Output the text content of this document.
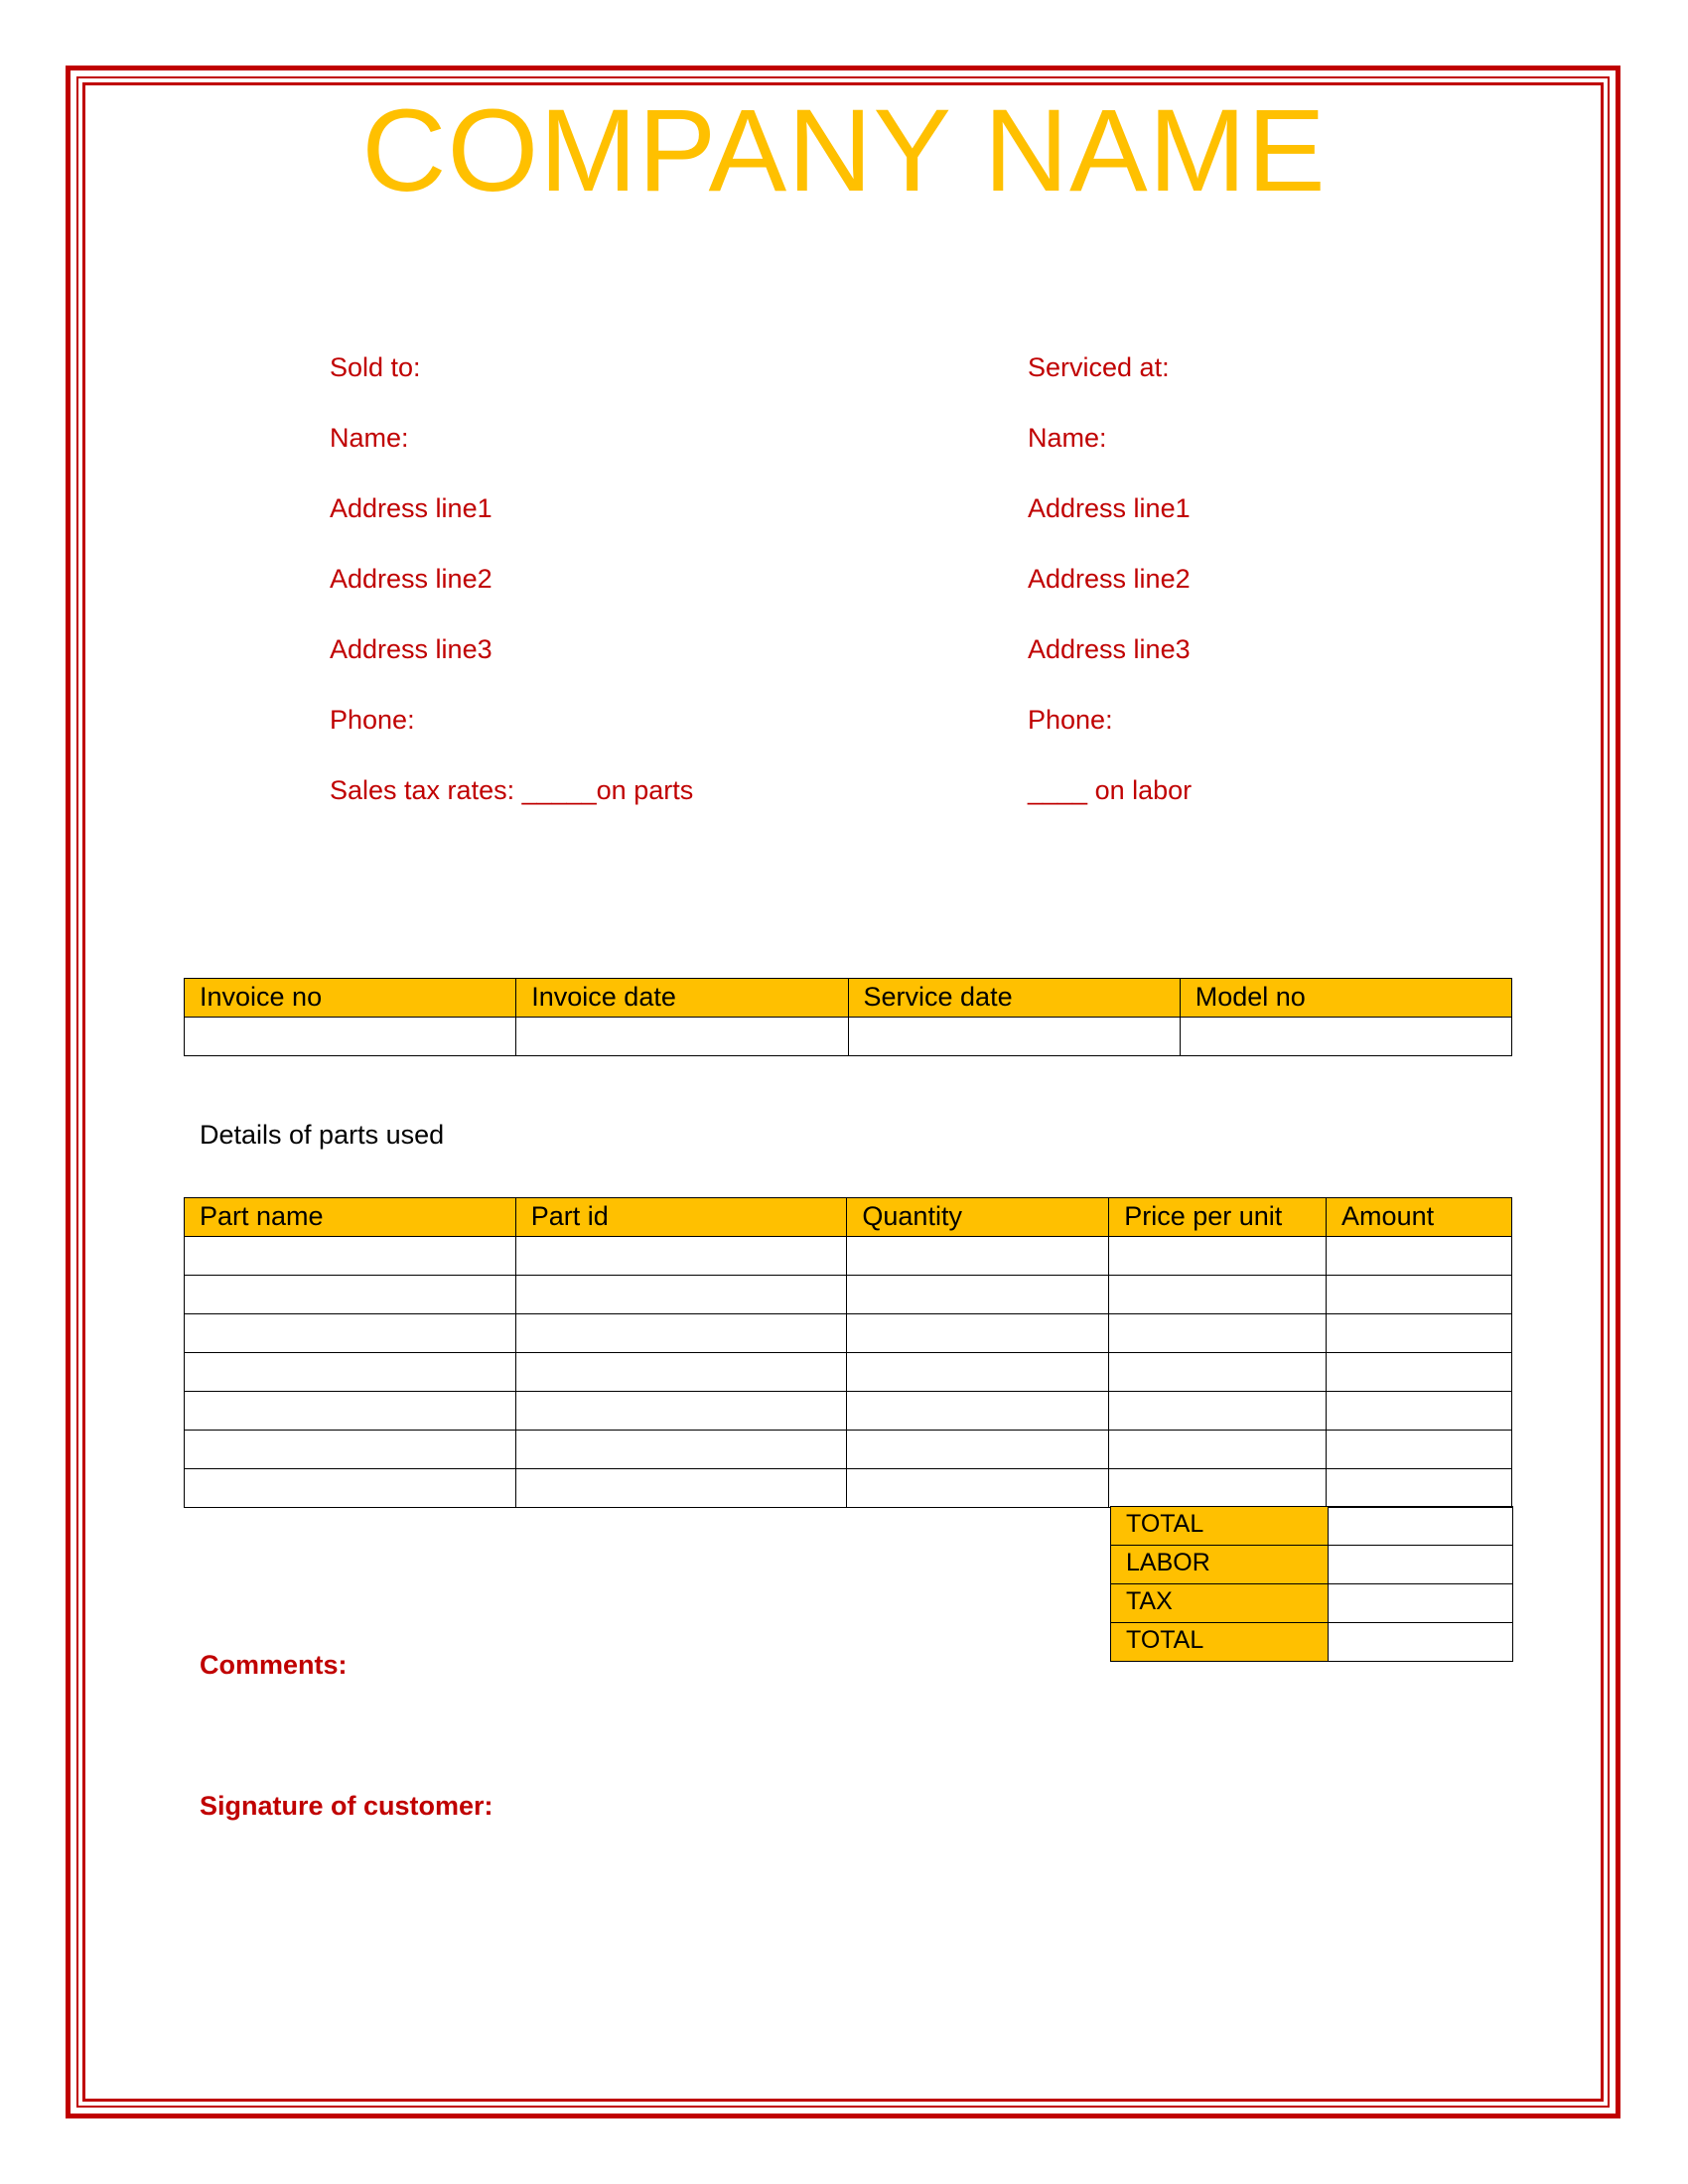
COMPANY NAME
Sold to:
Name:
Address line1
Address line2
Address line3
Phone:
Sales tax rates: _____on parts
Serviced at:
Name:
Address line1
Address line2
Address line3
Phone:
____ on labor
Invoice no	Invoice date	Service date	Model no

Details of parts used
Part name	Part id	Quantity	Price per unit	Amount

TOTAL	
LABOR	
TAX	
TOTAL	
Comments:
Signature of customer:
